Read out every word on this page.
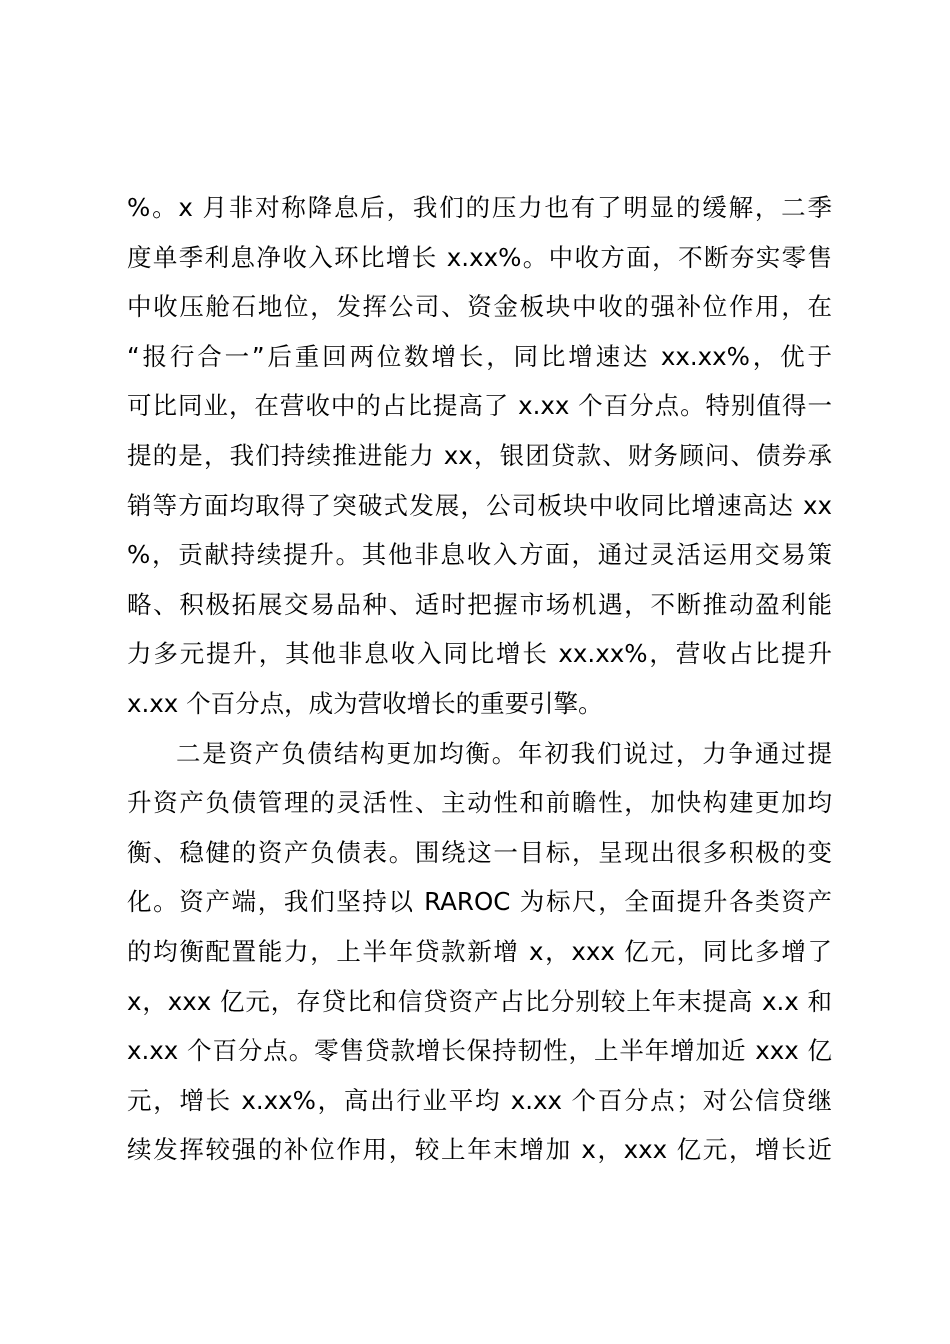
%。x 月非对称降息后，我们的压力也有了明显的缓解，二季
度单季利息净收入环比增长 x.xx%。中收方面，不断夯实零售
中收压舱石地位，发挥公司、资金板块中收的强补位作用，在
“报行合一”后重回两位数增长，同比增速达 xx.xx%，优于
可比同业，在营收中的占比提高了 x.xx 个百分点。特别值得一
提的是，我们持续推进能力 xx，银团贷款、财务顾问、债券承
销等方面均取得了突破式发展，公司板块中收同比增速高达 xx
%，贡献持续提升。其他非息收入方面，通过灵活运用交易策
略、积极拓展交易品种、适时把握市场机遇，不断推动盈利能
力多元提升，其他非息收入同比增长 xx.xx%，营收占比提升
x.xx 个百分点，成为营收增长的重要引擎。
二是资产负债结构更加均衡。年初我们说过，力争通过提
升资产负债管理的灵活性、主动性和前瞻性，加快构建更加均
衡、稳健的资产负债表。围绕这一目标，呈现出很多积极的变
化。资产端，我们坚持以 RAROC 为标尺，全面提升各类资产
的均衡配置能力，上半年贷款新增 x，xxx 亿元，同比多增了
x，xxx 亿元，存贷比和信贷资产占比分别较上年末提高 x.x 和
x.xx 个百分点。零售贷款增长保持韧性，上半年增加近 xxx 亿
元，增长 x.xx%，高出行业平均 x.xx 个百分点；对公信贷继
续发挥较强的补位作用，较上年末增加 x，xxx 亿元，增长近
